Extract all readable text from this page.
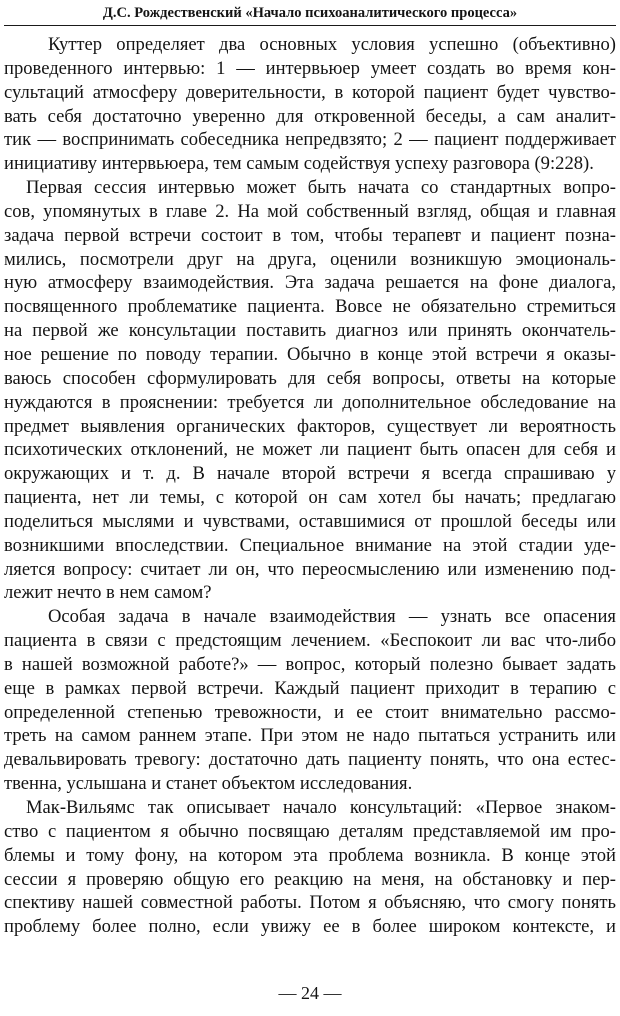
Д.С. Рождественский «Начало психоаналитического процесса»

Куттер определяет два основных условия успешно (объективно)

проведенного интервью: 1 — интервьюер умеет создать во время кон-

сультаций атмосферу доверительности, в которой пациент будет чувство-

вать себя достаточно уверенно для откровенной беседы, а сам аналит-

тик — воспринимать собеседника непредвзято; 2 — пациент поддерживает

инициативу интервьюера, тем самым содействуя успеху разговора (9:228).

Первая сессия интервью может быть начата со стандартных вопро-

сов, упомянутых в главе 2. На мой собственный взгляд, общая и главная

задача первой встречи состоит в том, чтобы терапевт и пациент позна-

мились, посмотрели друг на друга, оценили возникшую эмоциональ-

ную атмосферу взаимодействия. Эта задача решается на фоне диалога,

посвященного проблематике пациента. Вовсе не обязательно стремиться

на первой же консультации поставить диагноз или принять окончатель-

ное решение по поводу терапии. Обычно в конце этой встречи я оказы-

ваюсь способен сформулировать для себя вопросы, ответы на которые

нуждаются в прояснении: требуется ли дополнительное обследование на

предмет выявления органических факторов, существует ли вероятность

психотических отклонений, не может ли пациент быть опасен для себя и

окружающих и т. д. В начале второй встречи я всегда спрашиваю у

пациента, нет ли темы, с которой он сам хотел бы начать; предлагаю

поделиться мыслями и чувствами, оставшимися от прошлой беседы или

возникшими впоследствии. Специальное внимание на этой стадии уде-

ляется вопросу: считает ли он, что переосмыслению или изменению под-

лежит нечто в нем самом?

Особая задача в начале взаимодействия — узнать все опасения

пациента в связи с предстоящим лечением. «Беспокоит ли вас что-либо

в нашей возможной работе?» — вопрос, который полезно бывает задать

еще в рамках первой встречи. Каждый пациент приходит в терапию с

определенной степенью тревожности, и ее стоит внимательно рассмо-

треть на самом раннем этапе. При этом не надо пытаться устранить или

девальвировать тревогу: достаточно дать пациенту понять, что она естес-

твенна, услышана и станет объектом исследования.

Мак-Вильямс так описывает начало консультаций: «Первое знаком-

ство с пациентом я обычно посвящаю деталям представляемой им про-

блемы и тому фону, на котором эта проблема возникла. В конце этой

сессии я проверяю общую его реакцию на меня, на обстановку и пер-

спективу нашей совместной работы. Потом я объясняю, что смогу понять

проблему более полно, если увижу ее в более широком контексте, и

— 24 —
